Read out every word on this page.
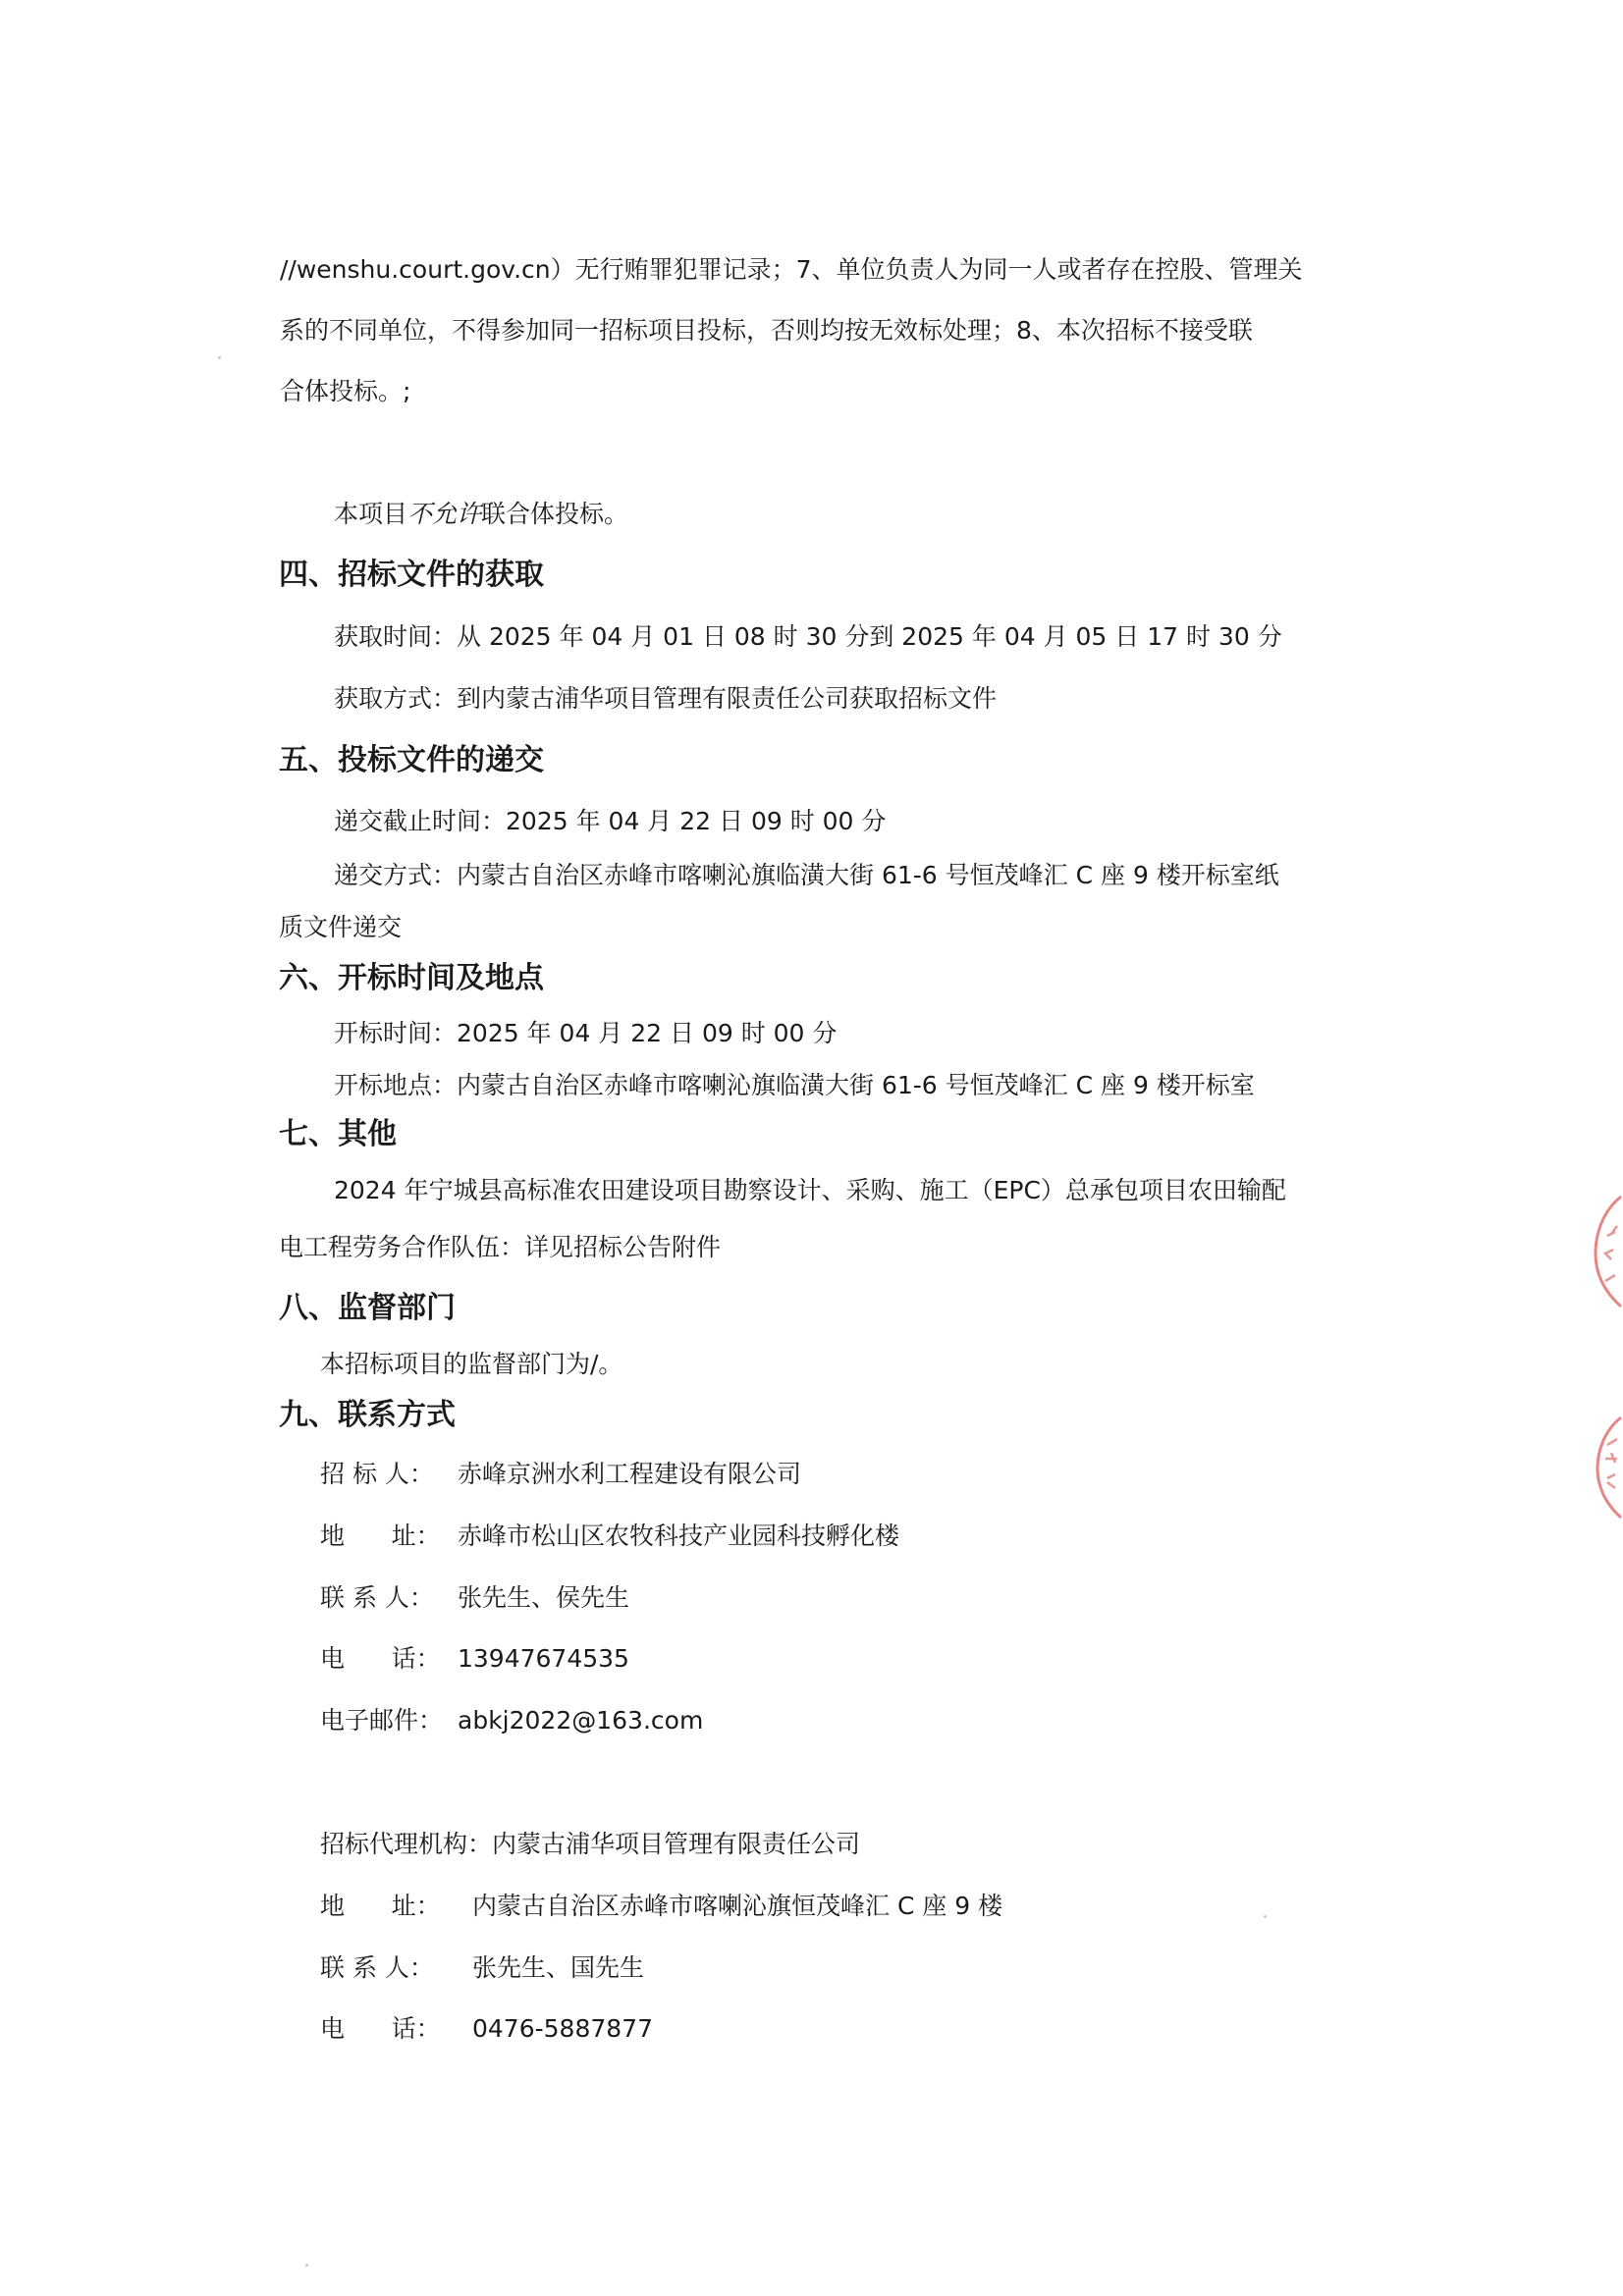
//wenshu.court.gov.cn）无行贿罪犯罪记录；7、单位负责人为同一人或者存在控股、管理关
系的不同单位，不得参加同一招标项目投标，否则均按无效标处理；8、本次招标不接受联
合体投标。;
本项目不允许联合体投标。
四、招标文件的获取
获取时间：从 2025 年 04 月 01 日 08 时 30 分到 2025 年 04 月 05 日 17 时 30 分
获取方式：到内蒙古浦华项目管理有限责任公司获取招标文件
五、投标文件的递交
递交截止时间：2025 年 04 月 22 日 09 时 00 分
递交方式：内蒙古自治区赤峰市喀喇沁旗临潢大街 61-6 号恒茂峰汇 C 座 9 楼开标室纸
质文件递交
六、开标时间及地点
开标时间：2025 年 04 月 22 日 09 时 00 分
开标地点：内蒙古自治区赤峰市喀喇沁旗临潢大街 61-6 号恒茂峰汇 C 座 9 楼开标室
七、其他
2024 年宁城县高标准农田建设项目勘察设计、采购、施工（EPC）总承包项目农田输配
电工程劳务合作队伍：详见招标公告附件
八、监督部门
本招标项目的监督部门为/。
九、联系方式
招 标 人： 赤峰京洲水利工程建设有限公司
地      址： 赤峰市松山区农牧科技产业园科技孵化楼
联 系 人： 张先生、侯先生
电      话： 13947674535
电子邮件： abkj2022@163.com
招标代理机构：内蒙古浦华项目管理有限责任公司
地      址： 内蒙古自治区赤峰市喀喇沁旗恒茂峰汇 C 座 9 楼
联 系 人： 张先生、国先生
电      话： 0476-5887877
